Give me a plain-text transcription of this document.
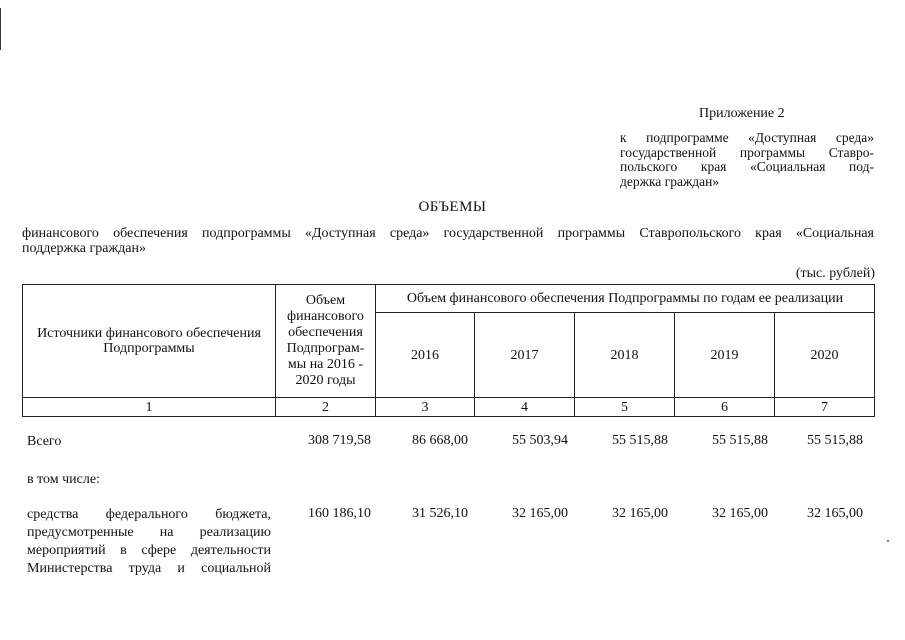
Приложение 2
к подпрограмме «Доступная среда»
государственной программы Ставро-
польского края «Социальная под-
держка граждан»
ОБЪЕМЫ
финансового обеспечения подпрограммы «Доступная среда» государственной программы Ставропольского края «Социальная
поддержка граждан»
(тыс. рублей)
Источники финансового обеспечения Подпрограммы
Объем
финансового
обеспечения
Подпрограм-
мы на 2016 -
2020 годы
Объем финансового обеспечения Подпрограммы по годам ее реализации
2016	2017	2018	2019	2020
1	2	3	4	5	6	7
Всего	308 719,58	86 668,00	55 503,94	55 515,88	55 515,88	55 515,88
в том числе:
средства федерального бюджета,
предусмотренные на реализацию
мероприятий в сфере деятельности
Министерства труда и социальной
160 186,10	31 526,10	32 165,00	32 165,00	32 165,00	32 165,00
